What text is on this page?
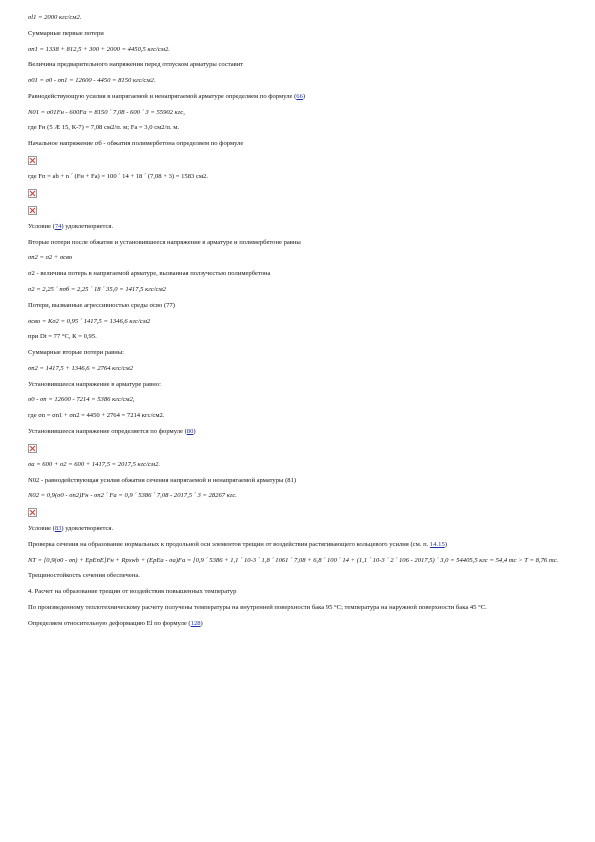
σl1 = 2000 кгс/см2.

Суммарные первые потери

σn1 = 1338 + 812,5 + 300 + 2000 = 4450,5 кгс/см2.

Величина предварительного напряжения перед отпуском арматуры составит

σ01 = σ0 - σn1 = 12600 - 4450 = 8150 кгс/см2.

Равнодействующую усилия в напрягаемой и ненапрягаемой арматуре определяем по формуле (66)

N01 = σ01Fн - 600Fа = 8150 ´ 7,08 - 600 ´ 3 = 55902 кгс,

где Fн (5 Æ 15, К-7) = 7,08 см2/п. м; Fа = 3,0 см2/п. м.

Начальное напряжение σб - обжатия полимербетона определяем по формуле

где Fп = аb + n ´ (Fн + Fа) = 100 ´ 14 + 18 ´ (7,08 + 3) = 1583 см2.

Условие (74) удовлетворяется.

Вторые потери после обжатия и установившееся напряжение в арматуре и полимербетоне равны

σn2 = σ2 + σсво

σ2 - величина потерь в напрягаемой арматуре, вызванная ползучестью полимербетона

σ2 = 2,25 ´ nσб = 2,25 ´ 18 ´ 35,0 = 1417,5 кгс/см2

Потери, вызванные агрессивностью среды σсво (77)

σсво = Кσ2 = 0,95 ´ 1417,5 = 1346,6 кгс/см2

при Dt = 77 °С, К = 0,95.

Суммарные вторые потери равны:

σn2 = 1417,5 + 1346,6 = 2764 кгс/см2

Установившееся напряжение в арматуре равно:

σ0 - σn = 12600 - 7214 = 5386 кгс/см2,

где σn = σn1 + σn2 = 4450 + 2764 = 7214 кгс/см2.

Установившееся напряжение определяется по формуле (80)

σа = 600 + σ2 = 600 + 1417,5 = 2017,5 кгс/см2.

N02 - равнодействующая усилия обжатия сечения напрягаемой и ненапрягаемой арматуры (81)

N02 = 0,9(σ0 - σn2)Fн - σn2 ´ Fа = 0,9 ´ 5386 ´ 7,08 - 2017,5 ´ 3 = 28267 кгс.

Условие (83) удовлетворяется.

Проверка сечения на образование нормальных к продольной оси элементов трещин от воздействия растягивающего кольцевого усилия (см. п. 14.15)

NT = [0,9(σ0 - σn) + ЕрЕпЕ]Fн + Rрswb + (ЕрЕа - σа)Fа = [0,9 ´ 5386 + 1,1 ´ 10-3 ´ 1,8 ´ 1061 ´ 7,08 + 6,8 ´ 100 ´ 14 + (1,1 ´ 10-3 ´ 2 ´ 106 - 2017,5) ´ 3,0 = 54405,5 кгс = 54,4 тс > Т = 8,76 тс.

Трещиностойкость сечения обеспечена.

4. Расчет на образование трещин от воздействия повышенных температур

По произведенному теплотехническому расчету получены температуры на внутренней поверхности бака 95 °С; температура на наружной поверхности бака 45 °С.

Определяем относительную деформацию El по формуле (128)
